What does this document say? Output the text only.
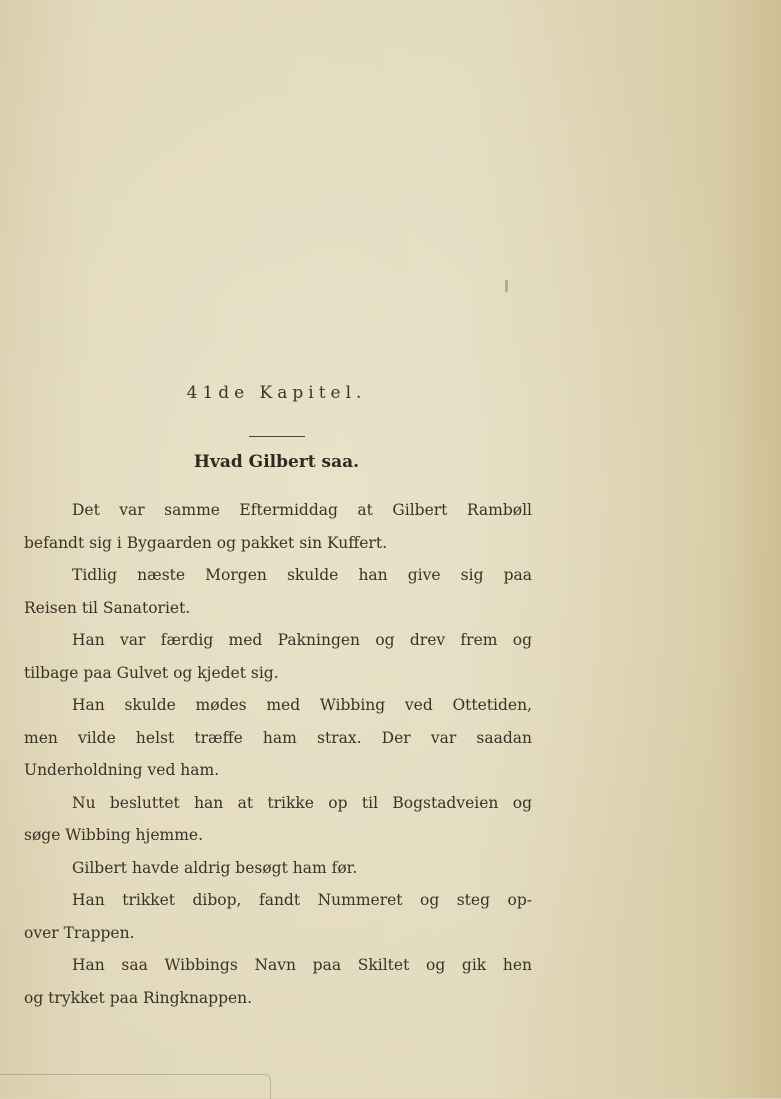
41de Kapitel.
Hvad Gilbert saa.

Det var samme Eftermiddag at Gilbert Rambøll
befandt sig i Bygaarden og pakket sin Kuffert.

Tidlig næste Morgen skulde han give sig paa
Reisen til Sanatoriet.

Han var færdig med Pakningen og drev frem og
tilbage paa Gulvet og kjedet sig.

Han skulde mødes med Wibbing ved Ottetiden,
men vilde helst træffe ham strax. Der var saadan
Underholdning ved ham.

Nu besluttet han at trikke op til Bogstadveien og
søge Wibbing hjemme.

Gilbert havde aldrig besøgt ham før.

Han trikket dibop, fandt Nummeret og steg op-
over Trappen.

Han saa Wibbings Navn paa Skiltet og gik hen
og trykket paa Ringknappen.
